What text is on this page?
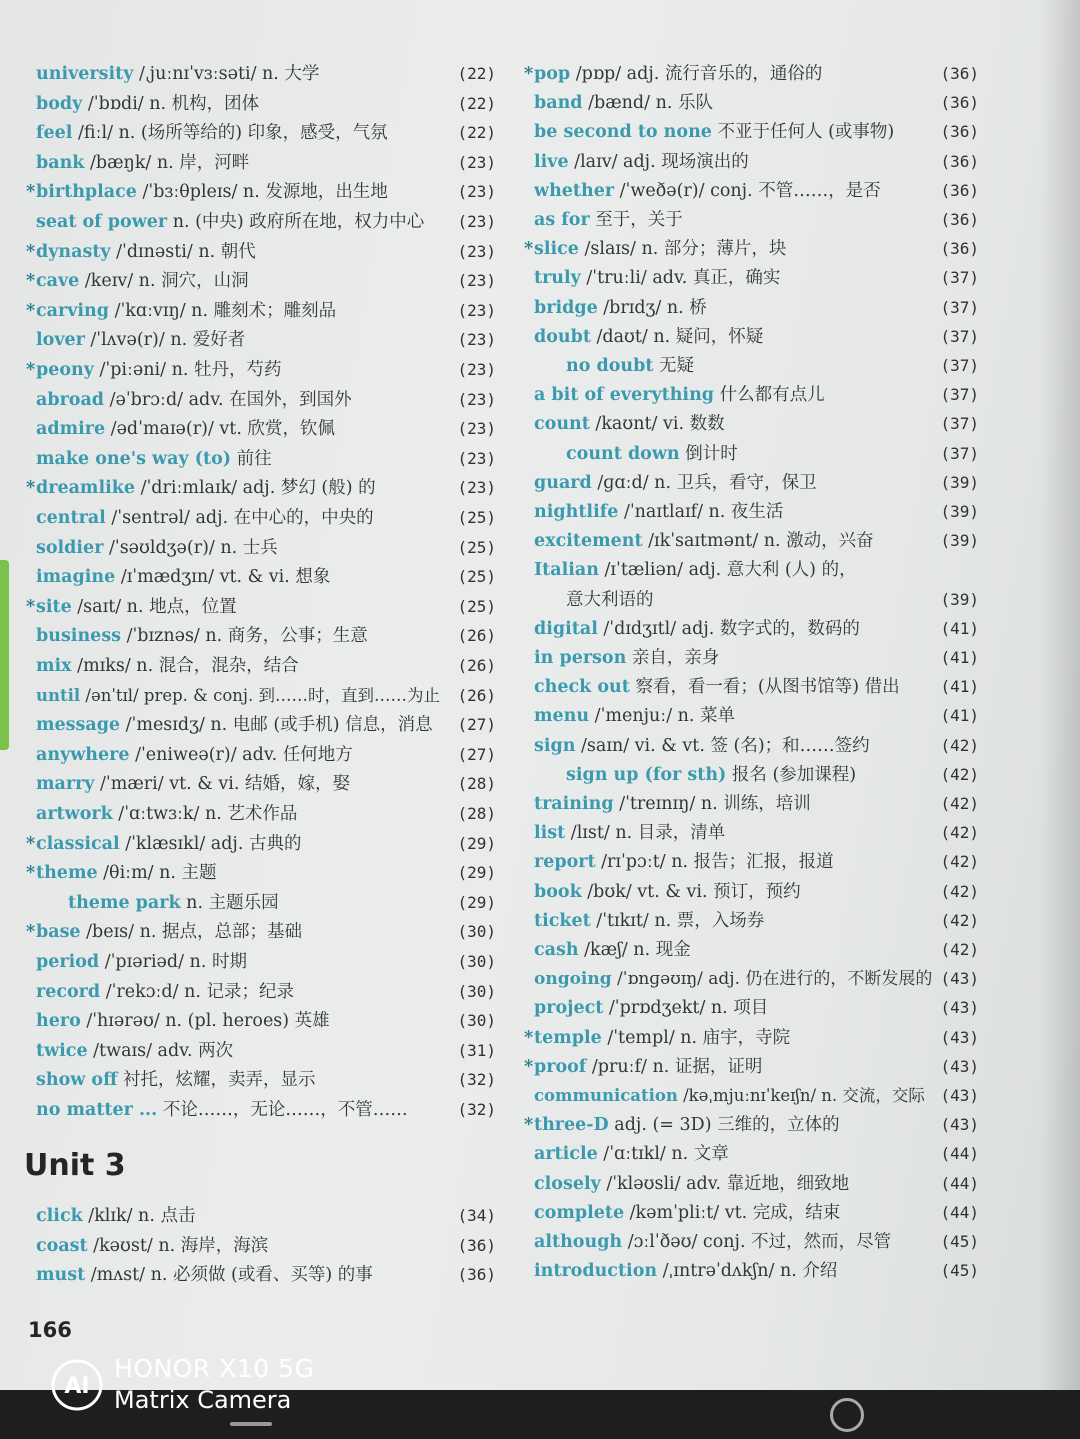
university /ˌjuːnɪˈvɜːsəti/ n. 大学	(22)
body /ˈbɒdi/ n. 机构，团体	(22)
feel /fiːl/ n. (场所等给的) 印象，感受，气氛	(22)
bank /bæŋk/ n. 岸，河畔	(23)
*birthplace /ˈbɜːθpleɪs/ n. 发源地，出生地	(23)
seat of power n. (中央) 政府所在地，权力中心 (23)
*dynasty /ˈdɪnəsti/ n. 朝代	(23)
*cave /keɪv/ n. 洞穴，山洞	(23)
*carving /ˈkɑːvɪŋ/ n. 雕刻术；雕刻品	(23)
lover /ˈlʌvə(r)/ n. 爱好者	(23)
*peony /ˈpiːəni/ n. 牡丹，芍药	(23)
abroad /əˈbrɔːd/ adv. 在国外，到国外	(23)
admire /ədˈmaɪə(r)/ vt. 欣赏，钦佩	(23)
make one's way (to) 前往	(23)
*dreamlike /ˈdriːmlaɪk/ adj. 梦幻 (般) 的	(23)
central /ˈsentrəl/ adj. 在中心的，中央的	(25)
soldier /ˈsəʊldʒə(r)/ n. 士兵	(25)
imagine /ɪˈmædʒɪn/ vt. & vi. 想象	(25)
*site /saɪt/ n. 地点，位置	(25)
business /ˈbɪznəs/ n. 商务，公事；生意	(26)
mix /mɪks/ n. 混合，混杂，结合	(26)
until /ənˈtɪl/ prep. & conj. 到……时，直到……为止 (26)
message /ˈmesɪdʒ/ n. 电邮 (或手机) 信息，消息 (27)
anywhere /ˈeniweə(r)/ adv. 任何地方	(27)
marry /ˈmæri/ vt. & vi. 结婚，嫁，娶	(28)
artwork /ˈɑːtwɜːk/ n. 艺术作品	(28)
*classical /ˈklæsɪkl/ adj. 古典的	(29)
*theme /θiːm/ n. 主题	(29)
theme park n. 主题乐园	(29)
*base /beɪs/ n. 据点，总部；基础	(30)
period /ˈpɪəriəd/ n. 时期	(30)
record /ˈrekɔːd/ n. 记录；纪录	(30)
hero /ˈhɪərəʊ/ n. (pl. heroes) 英雄	(30)
twice /twaɪs/ adv. 两次	(31)
show off 衬托，炫耀，卖弄，显示	(32)
no matter ... 不论……，无论……，不管……	(32)
*pop /pɒp/ adj. 流行音乐的，通俗的	(36)
band /bænd/ n. 乐队	(36)
be second to none 不亚于任何人 (或事物)	(36)
live /laɪv/ adj. 现场演出的	(36)
whether /ˈweðə(r)/ conj. 不管……，是否	(36)
as for 至于，关于	(36)
*slice /slaɪs/ n. 部分；薄片，块	(36)
truly /ˈtruːli/ adv. 真正，确实	(37)
bridge /brɪdʒ/ n. 桥	(37)
doubt /daʊt/ n. 疑问，怀疑	(37)
no doubt 无疑	(37)
a bit of everything 什么都有点儿	(37)
count /kaʊnt/ vi. 数数	(37)
count down 倒计时	(37)
guard /ɡɑːd/ n. 卫兵，看守，保卫	(39)
nightlife /ˈnaɪtlaɪf/ n. 夜生活	(39)
excitement /ɪkˈsaɪtmənt/ n. 激动，兴奋	(39)
Italian /ɪˈtæliən/ adj. 意大利 (人) 的，
意大利语的	(39)
digital /ˈdɪdʒɪtl/ adj. 数字式的，数码的	(41)
in person 亲自，亲身	(41)
check out 察看，看一看；(从图书馆等) 借出	(41)
menu /ˈmenjuː/ n. 菜单	(41)
sign /saɪn/ vi. & vt. 签 (名)；和……签约	(42)
sign up (for sth) 报名 (参加课程)	(42)
training /ˈtreɪnɪŋ/ n. 训练，培训	(42)
list /lɪst/ n. 目录，清单	(42)
report /rɪˈpɔːt/ n. 报告；汇报，报道	(42)
book /bʊk/ vt. & vi. 预订，预约	(42)
ticket /ˈtɪkɪt/ n. 票，入场券	(42)
cash /kæʃ/ n. 现金	(42)
ongoing /ˈɒnɡəʊɪŋ/ adj. 仍在进行的，不断发展的 (43)
project /ˈprɒdʒekt/ n. 项目	(43)
*temple /ˈtempl/ n. 庙宇，寺院	(43)
*proof /pruːf/ n. 证据，证明	(43)
communication /kəˌmjuːnɪˈkeɪʃn/ n. 交流，交际 (43)
*three-D adj. (= 3D) 三维的，立体的	(43)
article /ˈɑːtɪkl/ n. 文章	(44)
closely /ˈkləʊsli/ adv. 靠近地，细致地	(44)
complete /kəmˈpliːt/ vt. 完成，结束	(44)
although /ɔːlˈðəʊ/ conj. 不过，然而，尽管	(45)
introduction /ˌɪntrəˈdʌkʃn/ n. 介绍	(45)
Unit 3
click /klɪk/ n. 点击	(34)
coast /kəʊst/ n. 海岸，海滨	(36)
must /mʌst/ n. 必须做 (或看、买等) 的事	(36)
166
AI
HONOR X10 5G
Matrix Camera
